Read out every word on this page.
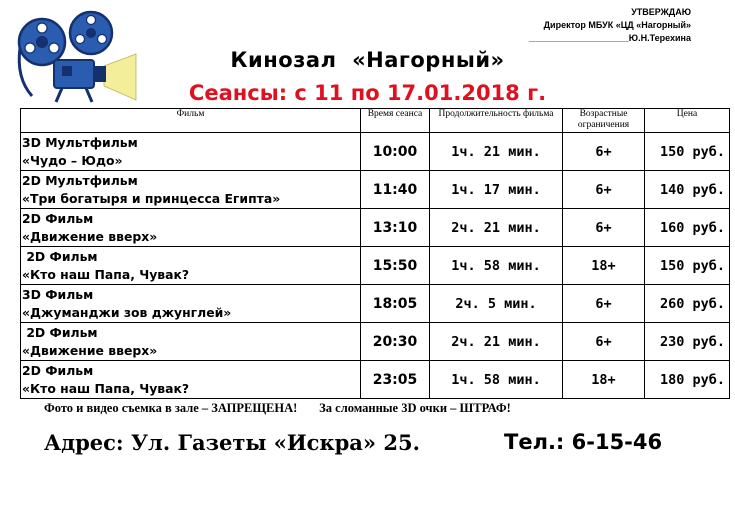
УТВЕРЖДАЮ
Директор МБУК «ЦД «Нагорный»
____________________Ю.Н.Терехина
Кинозал  «Нагорный»
Сеансы: с 11 по 17.01.2018 г.
Фильм	Время сеанса	Продолжительность фильма	Возрастные ограничения	Цена

3D Мультфильм
«Чудо – Юдо»	10:00	1ч. 21 мин.	6+	150 руб.

2D Мультфильм
«Три богатыря и принцесса Египта»	11:40	1ч. 17 мин.	6+	140 руб.

2D Фильм
«Движение вверх»	13:10	2ч. 21 мин.	6+	160 руб.

2D Фильм
«Кто наш Папа, Чувак?	15:50	1ч. 58 мин.	18+	150 руб.

3D Фильм
«Джуманджи зов джунглей»	18:05	2ч. 5 мин.	6+	260 руб.

2D Фильм
«Движение вверх»	20:30	2ч. 21 мин.	6+	230 руб.

2D Фильм
«Кто наш Папа, Чувак?	23:05	1ч. 58 мин.	18+	180 руб.
Фото и видео съемка в зале – ЗАПРЕЩЕНА! За сломанные 3D очки – ШТРАФ!
Адрес: Ул. Газеты «Искра» 25.	Тел.: 6-15-46
